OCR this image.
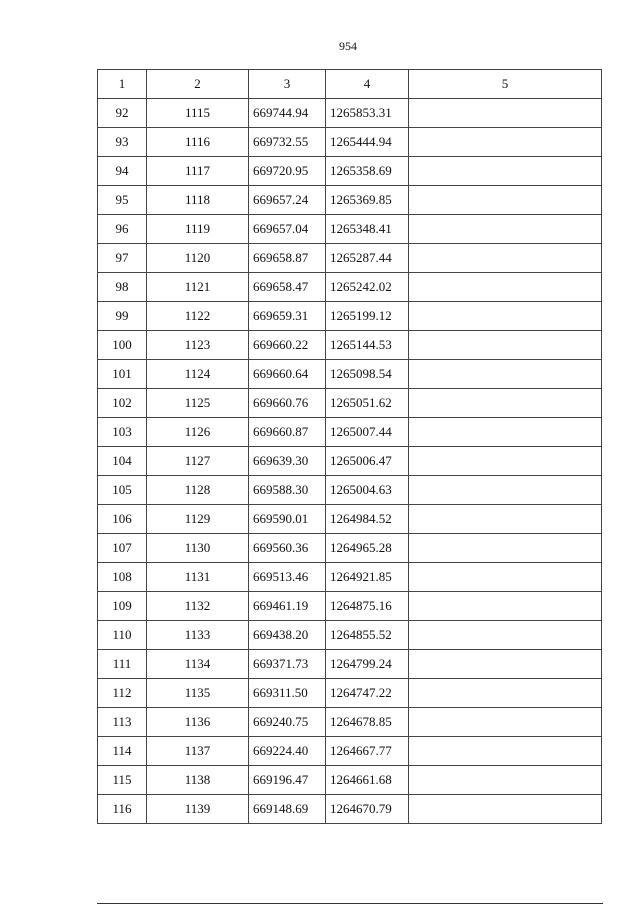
954
1	2	3	4	5
92	1115	669744.94	1265853.31	
93	1116	669732.55	1265444.94	
94	1117	669720.95	1265358.69	
95	1118	669657.24	1265369.85	
96	1119	669657.04	1265348.41	
97	1120	669658.87	1265287.44	
98	1121	669658.47	1265242.02	
99	1122	669659.31	1265199.12	
100	1123	669660.22	1265144.53	
101	1124	669660.64	1265098.54	
102	1125	669660.76	1265051.62	
103	1126	669660.87	1265007.44	
104	1127	669639.30	1265006.47	
105	1128	669588.30	1265004.63	
106	1129	669590.01	1264984.52	
107	1130	669560.36	1264965.28	
108	1131	669513.46	1264921.85	
109	1132	669461.19	1264875.16	
110	1133	669438.20	1264855.52	
111	1134	669371.73	1264799.24	
112	1135	669311.50	1264747.22	
113	1136	669240.75	1264678.85	
114	1137	669224.40	1264667.77	
115	1138	669196.47	1264661.68	
116	1139	669148.69	1264670.79	
